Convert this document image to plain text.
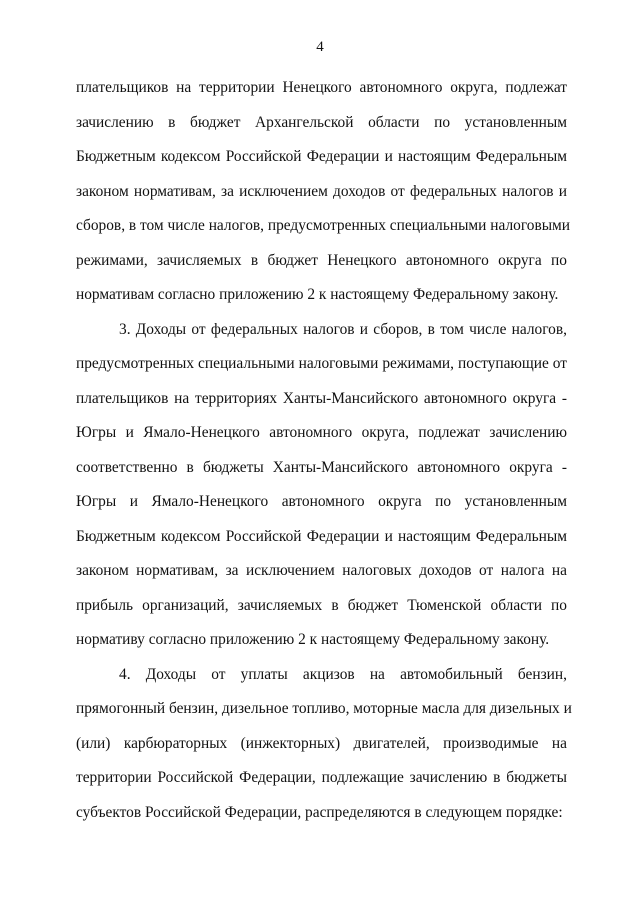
4
плательщиков на территории Ненецкого автономного округа, подлежат
зачислению в бюджет Архангельской области по установленным
Бюджетным кодексом Российской Федерации и настоящим Федеральным
законом нормативам, за исключением доходов от федеральных налогов и
сборов, в том числе налогов, предусмотренных специальными налоговыми
режимами, зачисляемых в бюджет Ненецкого автономного округа по
нормативам согласно приложению 2 к настоящему Федеральному закону.
3. Доходы от федеральных налогов и сборов, в том числе налогов,
предусмотренных специальными налоговыми режимами, поступающие от
плательщиков на территориях Ханты-Мансийского автономного округа -
Югры и Ямало-Ненецкого автономного округа, подлежат зачислению
соответственно в бюджеты Ханты-Мансийского автономного округа -
Югры и Ямало-Ненецкого автономного округа по установленным
Бюджетным кодексом Российской Федерации и настоящим Федеральным
законом нормативам, за исключением налоговых доходов от налога на
прибыль организаций, зачисляемых в бюджет Тюменской области по
нормативу согласно приложению 2 к настоящему Федеральному закону.
4. Доходы от уплаты акцизов на автомобильный бензин,
прямогонный бензин, дизельное топливо, моторные масла для дизельных и
(или) карбюраторных (инжекторных) двигателей, производимые на
территории Российской Федерации, подлежащие зачислению в бюджеты
субъектов Российской Федерации, распределяются в следующем порядке:
